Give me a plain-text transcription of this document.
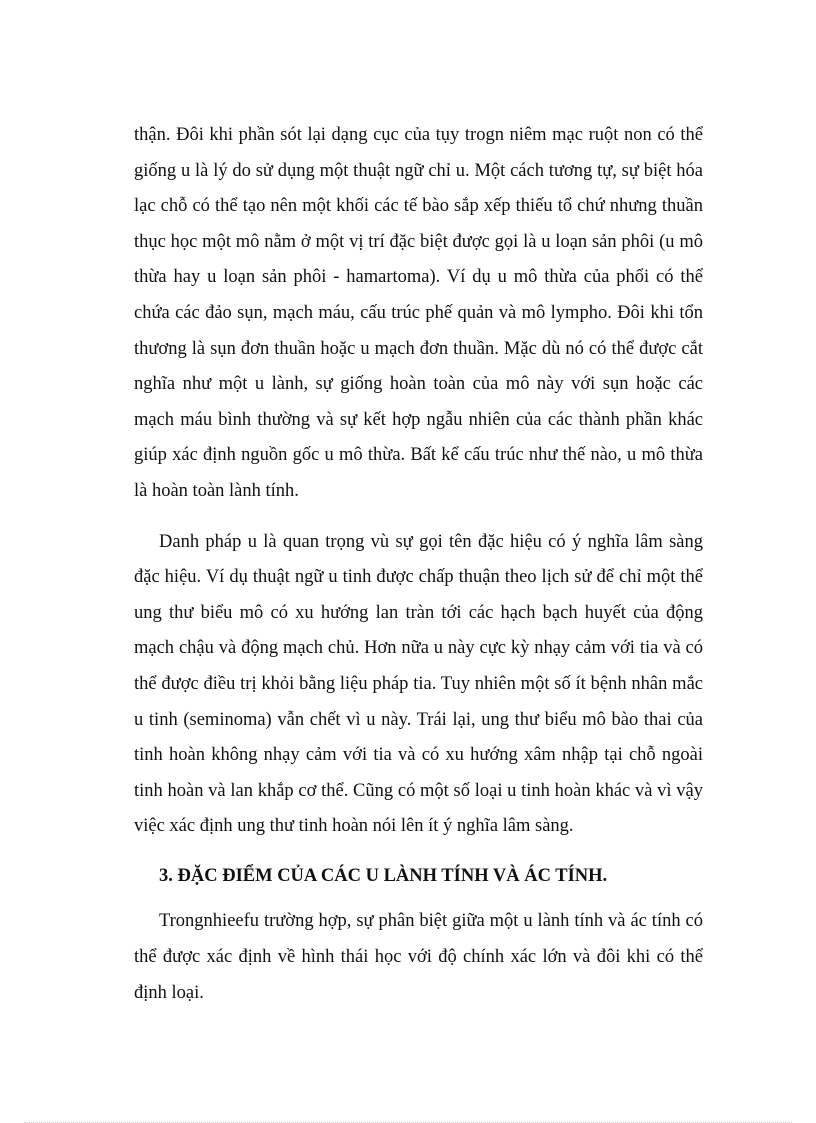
thận. Đôi khi phần sót lại dạng cục của tụy trogn niêm mạc ruột non có thể giống u là lý do sử dụng một thuật ngữ chỉ u. Một cách tương tự, sự biệt hóa lạc chỗ có thể tạo nên một khối các tế bào sắp xếp thiếu tổ chứ nhưng thuần thục học một mô nằm ở một vị trí đặc biệt được gọi là u loạn sản phôi (u mô thừa hay u loạn sản phôi - hamartoma). Ví dụ u mô thừa của phổi có thể chứa các đảo sụn, mạch máu, cấu trúc phế quản và mô lympho. Đôi khi tổn thương là sụn đơn thuần hoặc u mạch đơn thuần. Mặc dù nó có thể được cắt nghĩa như một u lành, sự giống hoàn toàn của mô này với sụn hoặc các mạch máu bình thường và sự kết hợp ngẫu nhiên của các thành phần khác giúp xác định nguồn gốc u mô thừa. Bất kể cấu trúc như thế nào, u mô thừa là hoàn toàn lành tính.

Danh pháp u là quan trọng vù sự gọi tên đặc hiệu có ý nghĩa lâm sàng đặc hiệu. Ví dụ thuật ngữ u tinh được chấp thuận theo lịch sử để chỉ một thể ung thư biểu mô có xu hướng lan tràn tới các hạch bạch huyết của động mạch chậu và động mạch chủ. Hơn nữa u này cực kỳ nhạy cảm với tia và có thể được điều trị khỏi bằng liệu pháp tia. Tuy nhiên một số ít bệnh nhân mắc u tinh (seminoma) vẫn chết vì u này. Trái lại, ung thư biểu mô bào thai của tinh hoàn không nhạy cảm với tia và có xu hướng xâm nhập tại chỗ ngoài tinh hoàn và lan khắp cơ thể. Cũng có một số loại u tinh hoàn khác và vì vậy việc xác định ung thư tinh hoàn nói lên ít ý nghĩa lâm sàng.

3. ĐẶC ĐIỂM CỦA CÁC U LÀNH TÍNH VÀ ÁC TÍNH.

Trongnhieefu trường hợp, sự phân biệt giữa một u lành tính và ác tính có thể được xác định về hình thái học với độ chính xác lớn và đôi khi có thể định loại.
